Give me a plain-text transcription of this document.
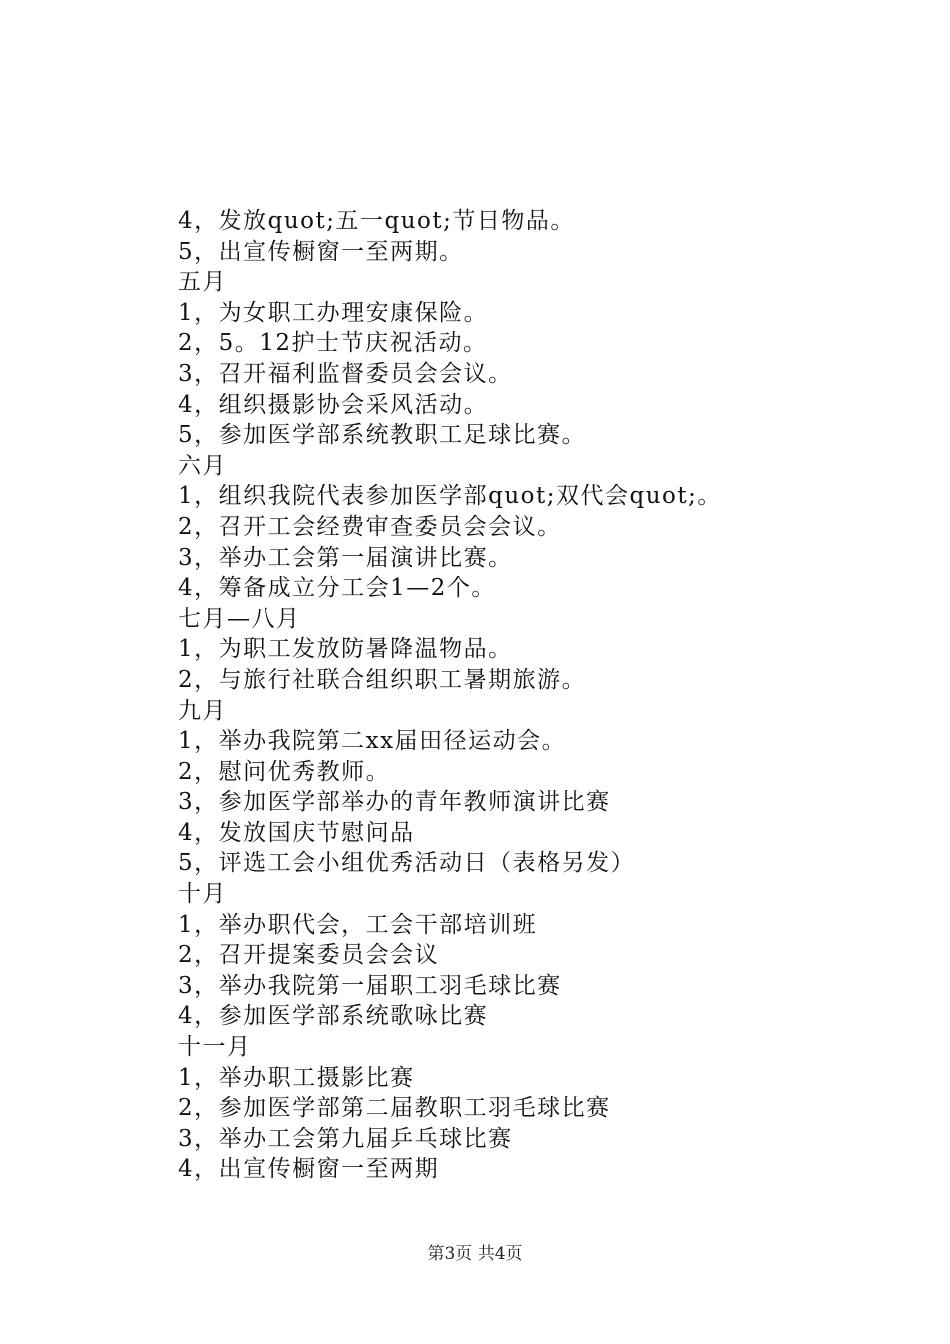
4，发放quot;五一quot;节日物品。
5，出宣传橱窗一至两期。
五月
1，为女职工办理安康保险。
2，5。12护士节庆祝活动。
3，召开福利监督委员会会议。
4，组织摄影协会采风活动。
5，参加医学部系统教职工足球比赛。
六月
1，组织我院代表参加医学部quot;双代会quot;。
2，召开工会经费审查委员会会议。
3，举办工会第一届演讲比赛。
4，筹备成立分工会1—2个。
七月—八月
1，为职工发放防暑降温物品。
2，与旅行社联合组织职工暑期旅游。
九月
1，举办我院第二xx届田径运动会。
2，慰问优秀教师。
3，参加医学部举办的青年教师演讲比赛
4，发放国庆节慰问品
5，评选工会小组优秀活动日（表格另发）
十月
1，举办职代会，工会干部培训班
2，召开提案委员会会议
3，举办我院第一届职工羽毛球比赛
4，参加医学部系统歌咏比赛
十一月
1，举办职工摄影比赛
2，参加医学部第二届教职工羽毛球比赛
3，举办工会第九届乒乓球比赛
4，出宣传橱窗一至两期
第3页 共4页
